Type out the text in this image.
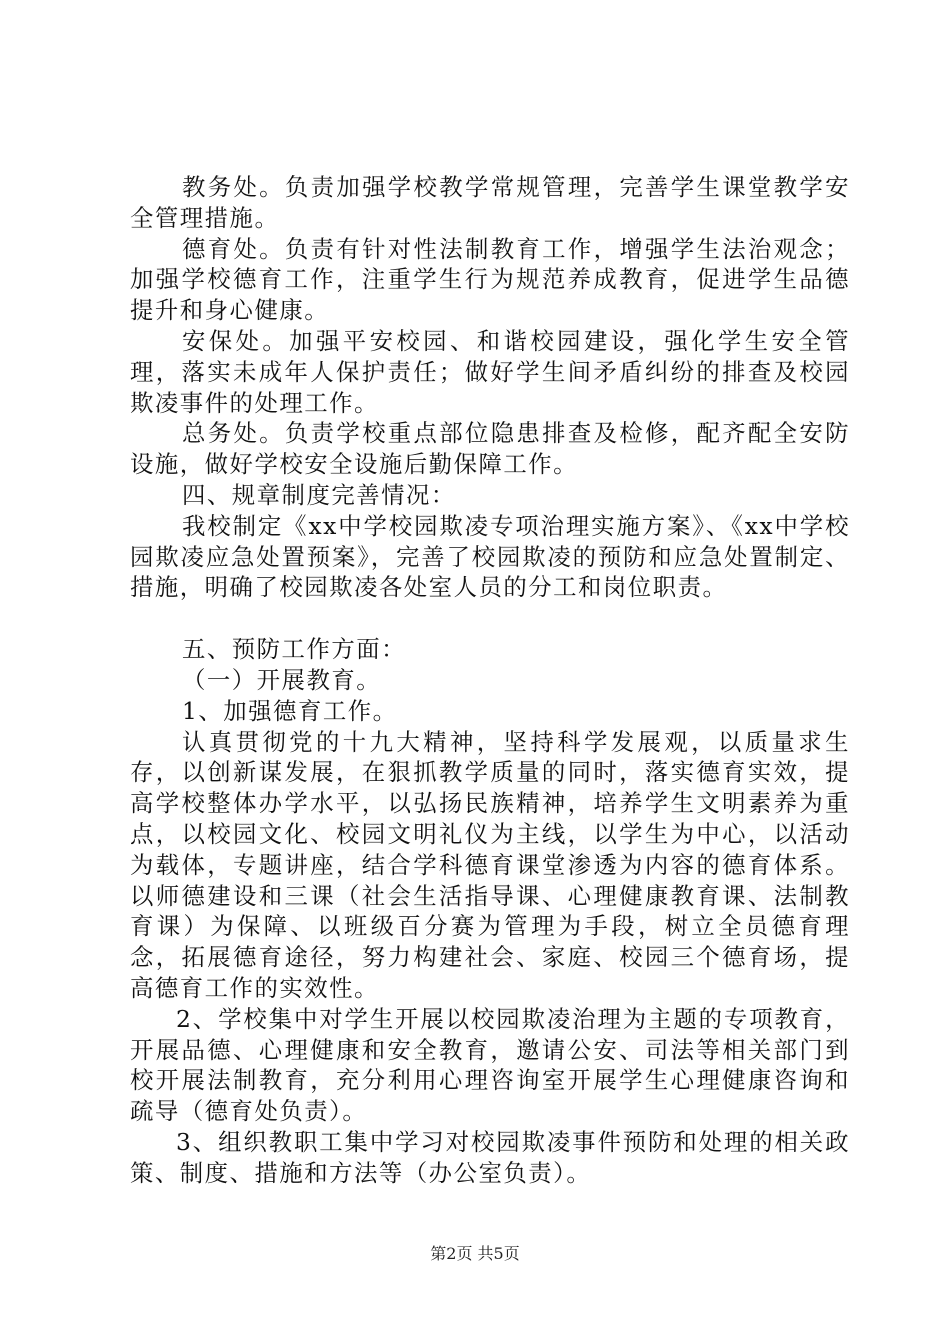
教务处。负责加强学校教学常规管理，完善学生课堂教学安全管理措施。

德育处。负责有针对性法制教育工作，增强学生法治观念；加强学校德育工作，注重学生行为规范养成教育，促进学生品德提升和身心健康。

安保处。加强平安校园、和谐校园建设，强化学生安全管理，落实未成年人保护责任；做好学生间矛盾纠纷的排查及校园欺凌事件的处理工作。

总务处。负责学校重点部位隐患排查及检修，配齐配全安防设施，做好学校安全设施后勤保障工作。

四、规章制度完善情况：

我校制定《xx中学校园欺凌专项治理实施方案》、《xx中学校园欺凌应急处置预案》，完善了校园欺凌的预防和应急处置制定、措施，明确了校园欺凌各处室人员的分工和岗位职责。

五、预防工作方面：

（一）开展教育。

1、加强德育工作。

认真贯彻党的十九大精神，坚持科学发展观，以质量求生存，以创新谋发展，在狠抓教学质量的同时，落实德育实效，提高学校整体办学水平，以弘扬民族精神，培养学生文明素养为重点，以校园文化、校园文明礼仪为主线，以学生为中心，以活动为载体，专题讲座，结合学科德育课堂渗透为内容的德育体系。以师德建设和三课（社会生活指导课、心理健康教育课、法制教育课）为保障、以班级百分赛为管理为手段，树立全员德育理念，拓展德育途径，努力构建社会、家庭、校园三个德育场，提高德育工作的实效性。

2、学校集中对学生开展以校园欺凌治理为主题的专项教育，开展品德、心理健康和安全教育，邀请公安、司法等相关部门到校开展法制教育，充分利用心理咨询室开展学生心理健康咨询和疏导（德育处负责）。

3、组织教职工集中学习对校园欺凌事件预防和处理的相关政策、制度、措施和方法等（办公室负责）。

第2页 共5页
